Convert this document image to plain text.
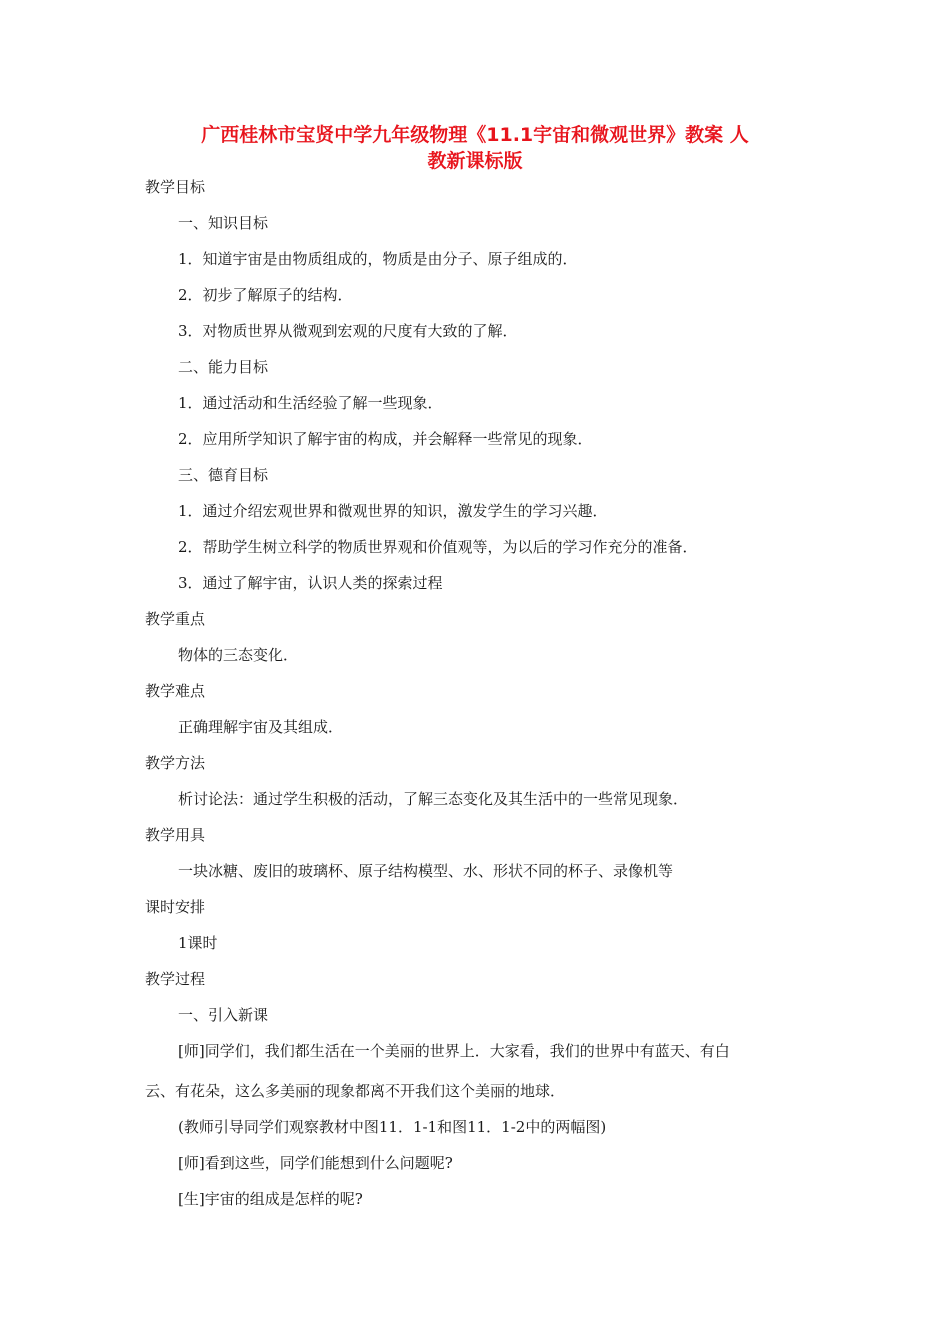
广西桂林市宝贤中学九年级物理《11.1宇宙和微观世界》教案 人
教新课标版
教学目标
一、知识目标
1．知道宇宙是由物质组成的，物质是由分子、原子组成的．
2．初步了解原子的结构．
3．对物质世界从微观到宏观的尺度有大致的了解．
二、能力目标
1．通过活动和生活经验了解一些现象．
2．应用所学知识了解宇宙的构成，并会解释一些常见的现象．
三、德育目标
1．通过介绍宏观世界和微观世界的知识，激发学生的学习兴趣．
2．帮助学生树立科学的物质世界观和价值观等，为以后的学习作充分的准备．
3．通过了解宇宙，认识人类的探索过程
教学重点
物体的三态变化．
教学难点
正确理解宇宙及其组成．
教学方法
析讨论法：通过学生积极的活动，了解三态变化及其生活中的一些常见现象．
教学用具
一块冰糖、废旧的玻璃杯、原子结构模型、水、形状不同的杯子、录像机等
课时安排
1课时
教学过程
一、引入新课
[师]同学们，我们都生活在一个美丽的世界上．大家看，我们的世界中有蓝天、有白
云、有花朵，这么多美丽的现象都离不开我们这个美丽的地球．
(教师引导同学们观察教材中图11．1-1和图11．1-2中的两幅图)
[师]看到这些，同学们能想到什么问题呢?
[生]宇宙的组成是怎样的呢?
